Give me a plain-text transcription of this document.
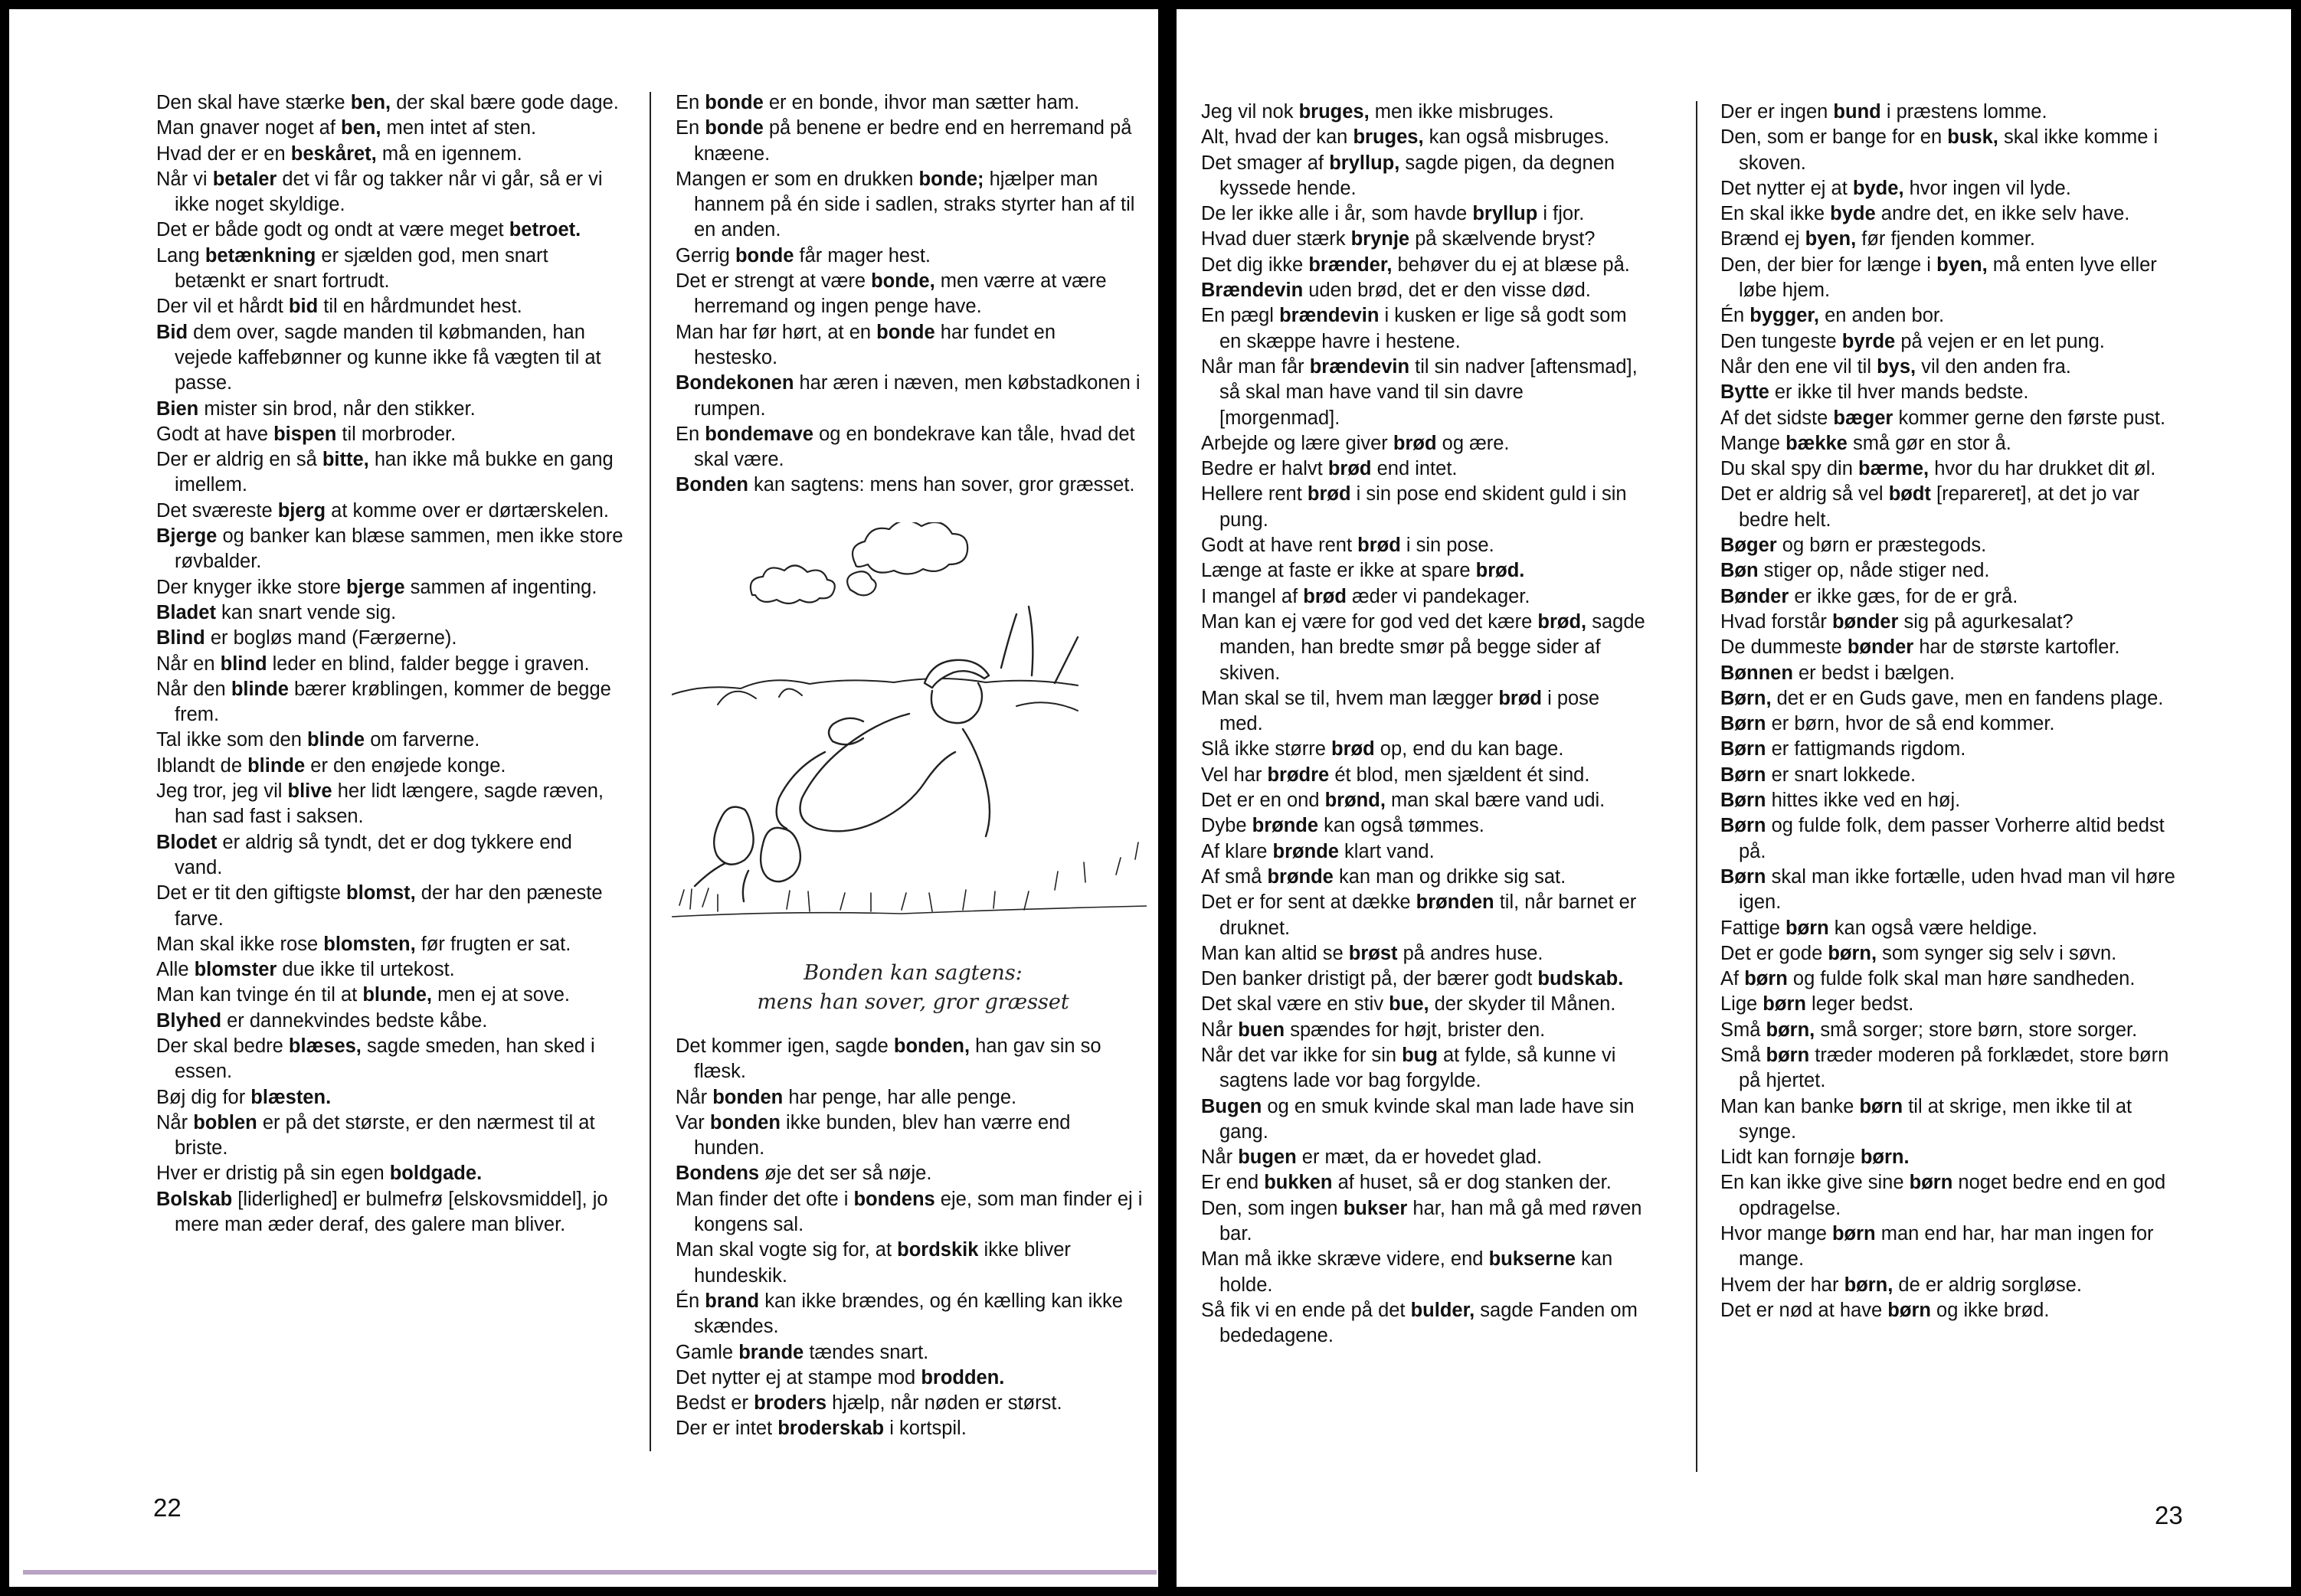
Den skal have stærke ben, der skal bære gode dage.
Man gnaver noget af ben, men intet af sten.
Hvad der er en beskåret, må en igennem.
Når vi betaler det vi får og takker når vi går, så er vi ikke noget skyldige.
Det er både godt og ondt at være meget betroet.
Lang betænkning er sjælden god, men snart betænkt er snart fortrudt.
Der vil et hårdt bid til en hårdmundet hest.
Bid dem over, sagde manden til købmanden, han vejede kaffebønner og kunne ikke få vægten til at passe.
Bien mister sin brod, når den stikker.
Godt at have bispen til morbroder.
Der er aldrig en så bitte, han ikke må bukke en gang imellem.
Det sværeste bjerg at komme over er dørtærskelen.
Bjerge og banker kan blæse sammen, men ikke store røvbalder.
Der knyger ikke store bjerge sammen af ingenting.
Bladet kan snart vende sig.
Blind er bogløs mand (Færøerne).
Når en blind leder en blind, falder begge i graven.
Når den blinde bærer krøblingen, kommer de begge frem.
Tal ikke som den blinde om farverne.
Iblandt de blinde er den enøjede konge.
Jeg tror, jeg vil blive her lidt længere, sagde ræven, han sad fast i saksen.
Blodet er aldrig så tyndt, det er dog tykkere end vand.
Det er tit den giftigste blomst, der har den pæneste farve.
Man skal ikke rose blomsten, før frugten er sat.
Alle blomster due ikke til urtekost.
Man kan tvinge én til at blunde, men ej at sove.
Blyhed er dannekvindes bedste kåbe.
Der skal bedre blæses, sagde smeden, han sked i essen.
Bøj dig for blæsten.
Når boblen er på det største, er den nærmest til at briste.
Hver er dristig på sin egen boldgade.
Bolskab [liderlighed] er bulmefrø [elskovsmiddel], jo mere man æder deraf, des galere man bliver.
En bonde er en bonde, ihvor man sætter ham.
En bonde på benene er bedre end en herremand på knæene.
Mangen er som en drukken bonde; hjælper man hannem på én side i sadlen, straks styrter han af til en anden.
Gerrig bonde får mager hest.
Det er strengt at være bonde, men værre at være herremand og ingen penge have.
Man har før hørt, at en bonde har fundet en hestesko.
Bondekonen har æren i næven, men købstadkonen i rumpen.
En bondemave og en bondekrave kan tåle, hvad det skal være.
Bonden kan sagtens: mens han sover, gror græsset.
Bonden kan sagtens:
mens han sover, gror græsset
Det kommer igen, sagde bonden, han gav sin so flæsk.
Når bonden har penge, har alle penge.
Var bonden ikke bunden, blev han værre end hunden.
Bondens øje det ser så nøje.
Man finder det ofte i bondens eje, som man finder ej i kongens sal.
Man skal vogte sig for, at bordskik ikke bliver hundeskik.
Én brand kan ikke brændes, og én kælling kan ikke skændes.
Gamle brande tændes snart.
Det nytter ej at stampe mod brodden.
Bedst er broders hjælp, når nøden er størst.
Der er intet broderskab i kortspil.
22
Jeg vil nok bruges, men ikke misbruges.
Alt, hvad der kan bruges, kan også misbruges.
Det smager af bryllup, sagde pigen, da degnen kyssede hende.
De ler ikke alle i år, som havde bryllup i fjor.
Hvad duer stærk brynje på skælvende bryst?
Det dig ikke brænder, behøver du ej at blæse på.
Brændevin uden brød, det er den visse død.
En pægl brændevin i kusken er lige så godt som en skæppe havre i hestene.
Når man får brændevin til sin nadver [aftensmad], så skal man have vand til sin davre [morgenmad].
Arbejde og lære giver brød og ære.
Bedre er halvt brød end intet.
Hellere rent brød i sin pose end skident guld i sin pung.
Godt at have rent brød i sin pose.
Længe at faste er ikke at spare brød.
I mangel af brød æder vi pandekager.
Man kan ej være for god ved det kære brød, sagde manden, han bredte smør på begge sider af skiven.
Man skal se til, hvem man lægger brød i pose med.
Slå ikke større brød op, end du kan bage.
Vel har brødre ét blod, men sjældent ét sind.
Det er en ond brønd, man skal bære vand udi.
Dybe brønde kan også tømmes.
Af klare brønde klart vand.
Af små brønde kan man og drikke sig sat.
Det er for sent at dække brønden til, når barnet er druknet.
Man kan altid se brøst på andres huse.
Den banker dristigt på, der bærer godt budskab.
Det skal være en stiv bue, der skyder til Månen.
Når buen spændes for højt, brister den.
Når det var ikke for sin bug at fylde, så kunne vi sagtens lade vor bag forgylde.
Bugen og en smuk kvinde skal man lade have sin gang.
Når bugen er mæt, da er hovedet glad.
Er end bukken af huset, så er dog stanken der.
Den, som ingen bukser har, han må gå med røven bar.
Man må ikke skræve videre, end bukserne kan holde.
Så fik vi en ende på det bulder, sagde Fanden om bededagene.
Der er ingen bund i præstens lomme.
Den, som er bange for en busk, skal ikke komme i skoven.
Det nytter ej at byde, hvor ingen vil lyde.
En skal ikke byde andre det, en ikke selv have.
Brænd ej byen, før fjenden kommer.
Den, der bier for længe i byen, må enten lyve eller løbe hjem.
Én bygger, en anden bor.
Den tungeste byrde på vejen er en let pung.
Når den ene vil til bys, vil den anden fra.
Bytte er ikke til hver mands bedste.
Af det sidste bæger kommer gerne den første pust.
Mange bække små gør en stor å.
Du skal spy din bærme, hvor du har drukket dit øl.
Det er aldrig så vel bødt [repareret], at det jo var bedre helt.
Bøger og børn er præstegods.
Bøn stiger op, nåde stiger ned.
Bønder er ikke gæs, for de er grå.
Hvad forstår bønder sig på agurkesalat?
De dummeste bønder har de største kartofler.
Bønnen er bedst i bælgen.
Børn, det er en Guds gave, men en fandens plage.
Børn er børn, hvor de så end kommer.
Børn er fattigmands rigdom.
Børn er snart lokkede.
Børn hittes ikke ved en høj.
Børn og fulde folk, dem passer Vorherre altid bedst på.
Børn skal man ikke fortælle, uden hvad man vil høre igen.
Fattige børn kan også være heldige.
Det er gode børn, som synger sig selv i søvn.
Af børn og fulde folk skal man høre sandheden.
Lige børn leger bedst.
Små børn, små sorger; store børn, store sorger.
Små børn træder moderen på forklædet, store børn på hjertet.
Man kan banke børn til at skrige, men ikke til at synge.
Lidt kan fornøje børn.
En kan ikke give sine børn noget bedre end en god opdragelse.
Hvor mange børn man end har, har man ingen for mange.
Hvem der har børn, de er aldrig sorgløse.
Det er nød at have børn og ikke brød.
23
